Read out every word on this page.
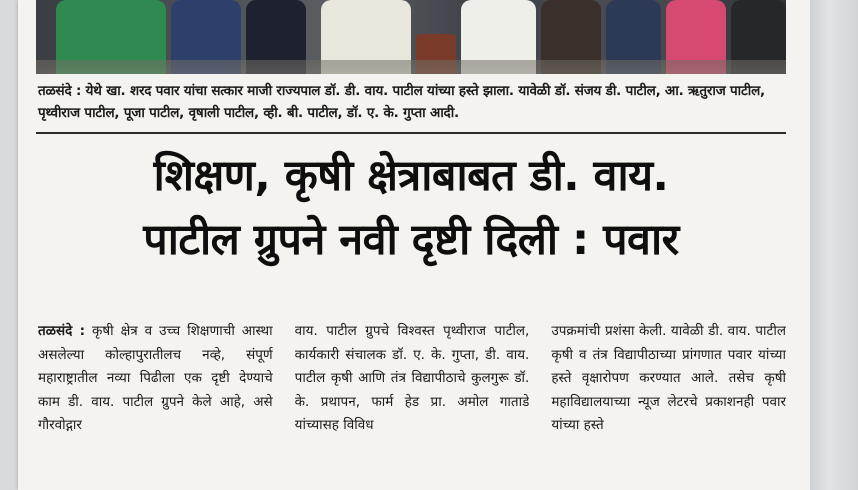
तळसंदे : येथे खा. शरद पवार यांचा सत्कार माजी राज्यपाल डॉ. डी. वाय. पाटील यांच्या हस्ते झाला. यावेळी डॉ. संजय डी. पाटील, आ. ऋतुराज पाटील, पृथ्वीराज पाटील, पूजा पाटील, वृषाली पाटील, व्ही. बी. पाटील, डॉ. ए. के. गुप्ता आदी.
शिक्षण, कृषी क्षेत्राबाबत डी. वाय.
पाटील ग्रुपने नवी दृष्टी दिली : पवार
तळसंदे : कृषी क्षेत्र व उच्च शिक्षणाची आस्था असलेल्या कोल्हापुरातीलच नव्हे, संपूर्ण महाराष्ट्रातील नव्या पिढीला एक दृष्टी देण्याचे काम डी. वाय. पाटील ग्रुपने केले आहे, असे गौरवोद्गार
वाय. पाटील ग्रुपचे विश्वस्त पृथ्वीराज पाटील, कार्यकारी संचालक डॉ. ए. के. गुप्ता, डी. वाय. पाटील कृषी आणि तंत्र विद्यापीठाचे कुलगुरू डॉ. के. प्रथापन, फार्म हेड प्रा. अमोल गाताडे यांच्यासह विविध
उपक्रमांची प्रशंसा केली. यावेळी डी. वाय. पाटील कृषी व तंत्र विद्यापीठाच्या प्रांगणात पवार यांच्या हस्ते वृक्षारोपण करण्यात आले. तसेच कृषी महाविद्यालयाच्या न्यूज लेटरचे प्रकाशनही पवार यांच्या हस्ते
